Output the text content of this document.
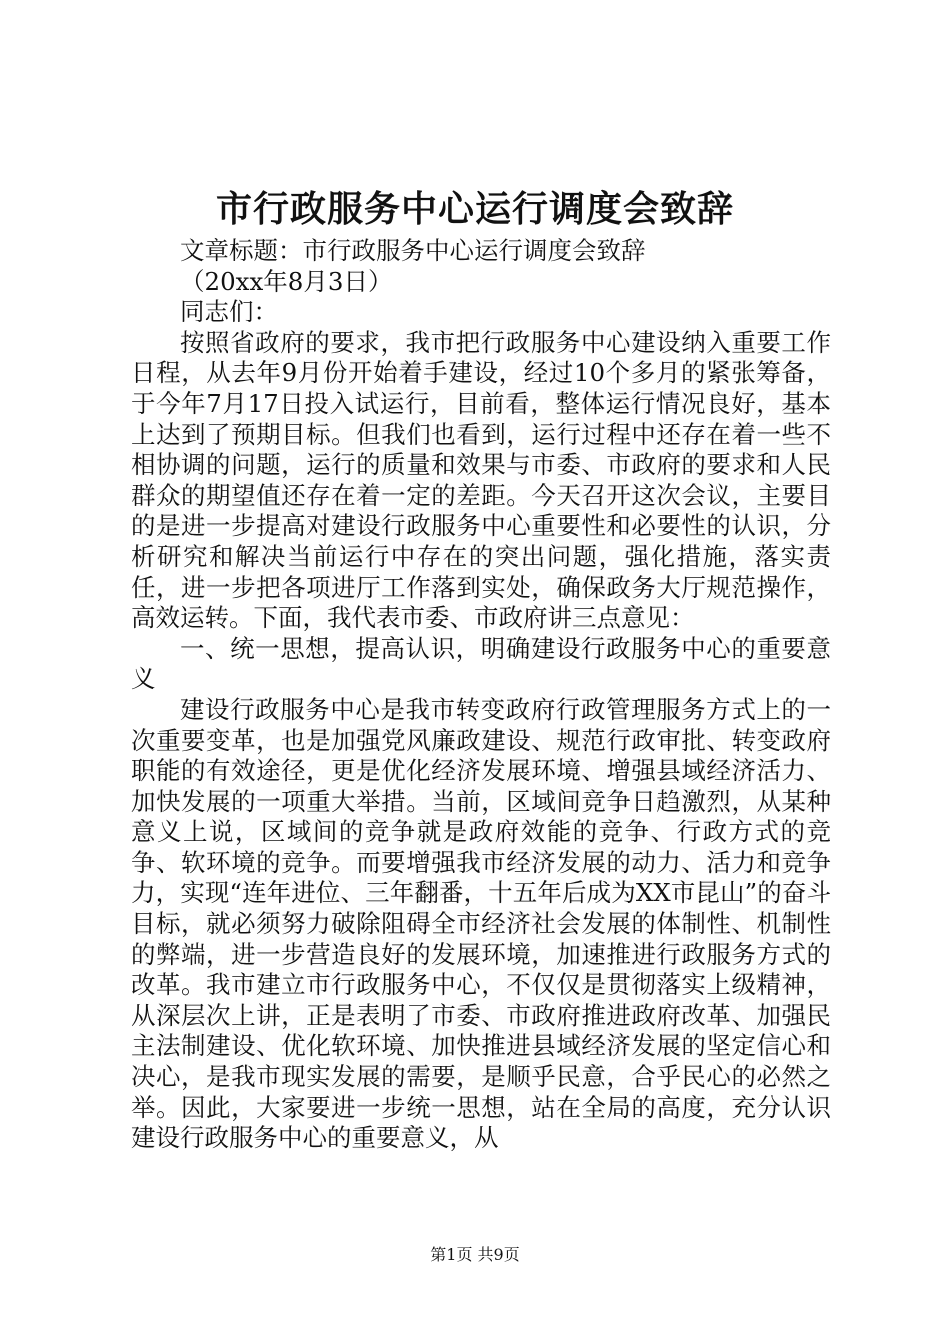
市行政服务中心运行调度会致辞

文章标题：市行政服务中心运行调度会致辞

（20xx年8月3日）

同志们：

按照省政府的要求，我市把行政服务中心建设纳入重要工作日程，从去年9月份开始着手建设，经过10个多月的紧张筹备，于今年7月17日投入试运行，目前看，整体运行情况良好，基本上达到了预期目标。但我们也看到，运行过程中还存在着一些不相协调的问题，运行的质量和效果与市委、市政府的要求和人民群众的期望值还存在着一定的差距。今天召开这次会议，主要目的是进一步提高对建设行政服务中心重要性和必要性的认识，分析研究和解决当前运行中存在的突出问题，强化措施，落实责任，进一步把各项进厅工作落到实处，确保政务大厅规范操作，高效运转。下面，我代表市委、市政府讲三点意见：

一、统一思想，提高认识，明确建设行政服务中心的重要意义

建设行政服务中心是我市转变政府行政管理服务方式上的一次重要变革，也是加强党风廉政建设、规范行政审批、转变政府职能的有效途径，更是优化经济发展环境、增强县域经济活力、加快发展的一项重大举措。当前，区域间竞争日趋激烈，从某种意义上说，区域间的竞争就是政府效能的竞争、行政方式的竞争、软环境的竞争。而要增强我市经济发展的动力、活力和竞争力，实现“连年进位、三年翻番，十五年后成为XX市昆山”的奋斗目标，就必须努力破除阻碍全市经济社会发展的体制性、机制性的弊端，进一步营造良好的发展环境，加速推进行政服务方式的改革。我市建立市行政服务中心，不仅仅是贯彻落实上级精神，从深层次上讲，正是表明了市委、市政府推进政府改革、加强民主法制建设、优化软环境、加快推进县域经济发展的坚定信心和决心，是我市现实发展的需要，是顺乎民意，合乎民心的必然之举。因此，大家要进一步统一思想，站在全局的高度，充分认识建设行政服务中心的重要意义，从

第1页 共9页
